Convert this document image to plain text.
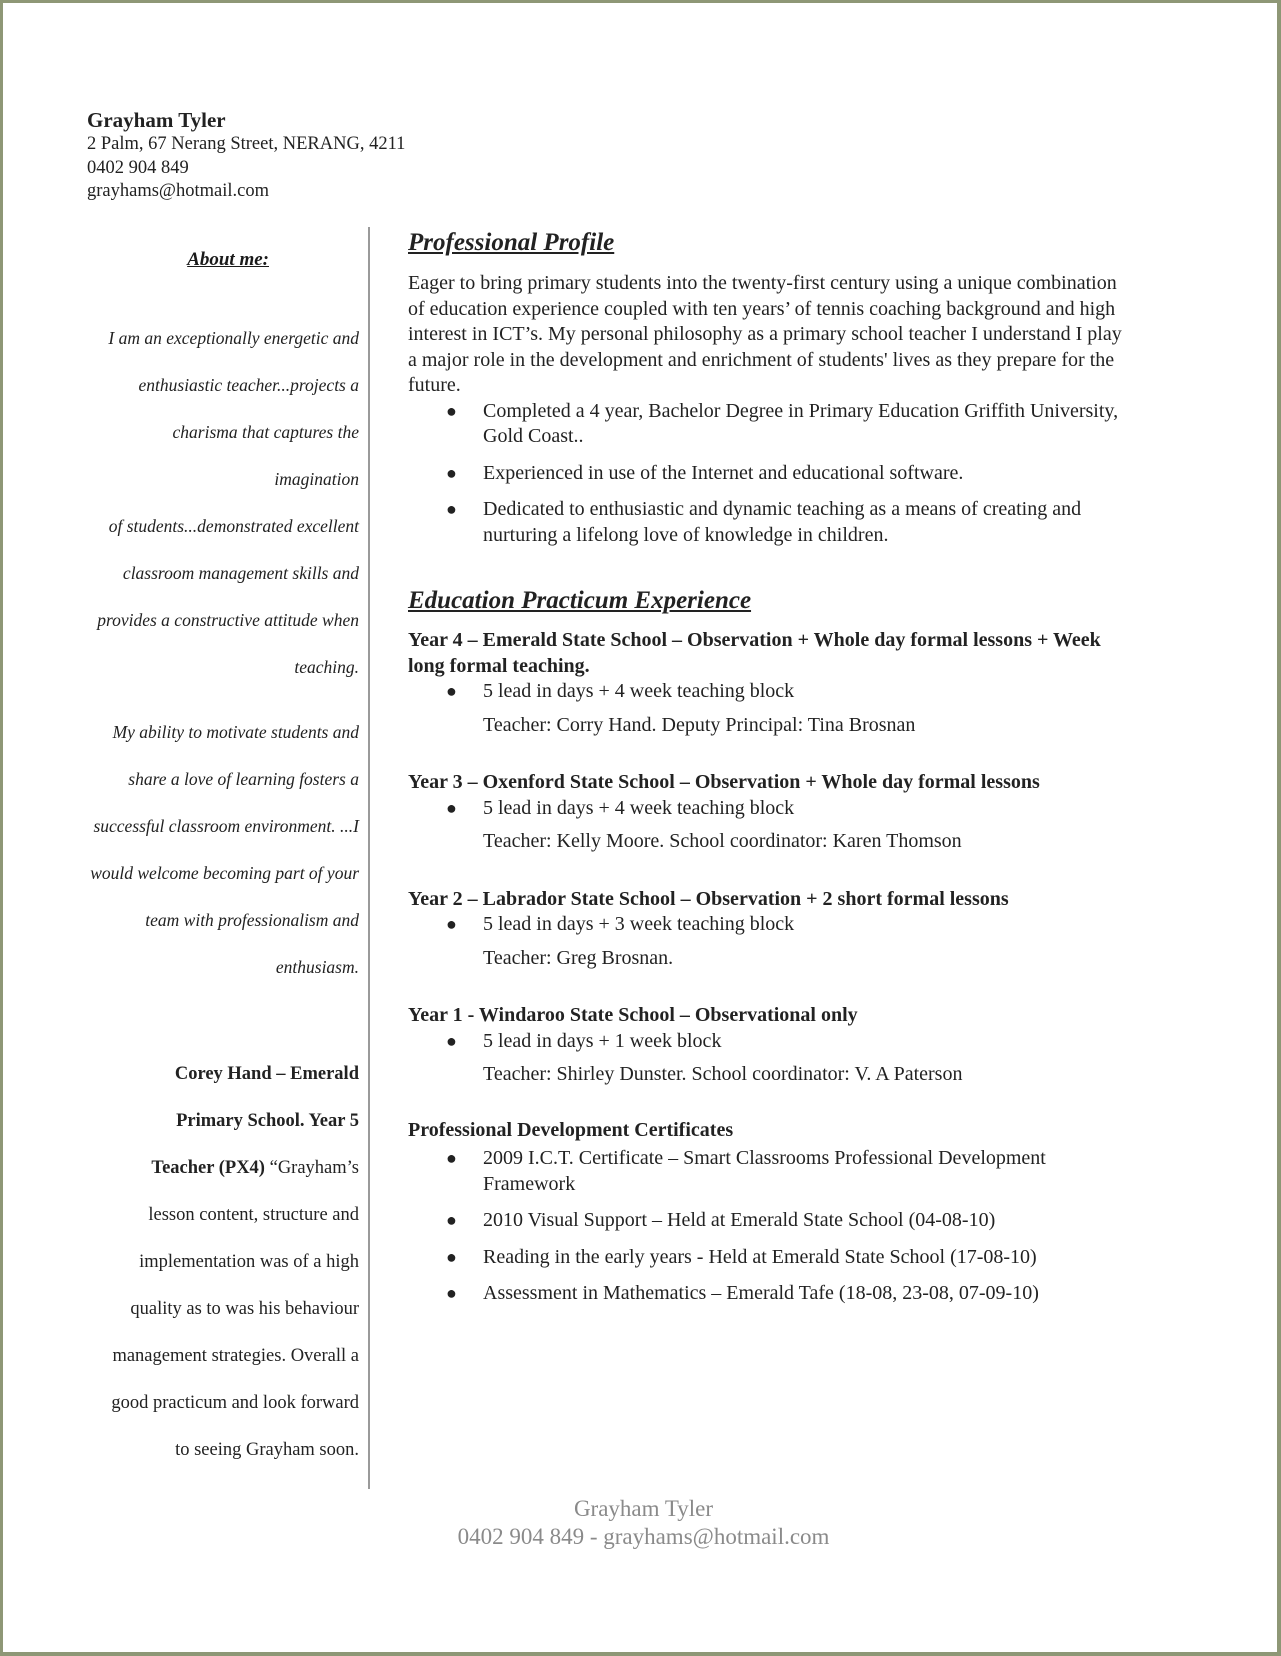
Grayham Tyler
2 Palm, 67 Nerang Street, NERANG, 4211
0402 904 849
grayhams@hotmail.com
About me:

I am an exceptionally energetic and

enthusiastic teacher...projects a

charisma that captures the imagination

of students...demonstrated excellent

classroom management skills and

provides a constructive attitude when

teaching.

My ability to motivate students and

share a love of learning fosters a

successful classroom environment. ...I

would welcome becoming part of your

team with professionalism and

enthusiasm.

Corey Hand – Emerald
Primary School. Year 5
Teacher (PX4) “Grayham’s
lesson content, structure and
implementation was of a high
quality as to was his behaviour
management strategies. Overall a
good practicum and look forward
to seeing Grayham soon.
Professional Profile

Eager to bring primary students into the twenty-first century using a unique combination of education experience coupled with ten years’ of tennis coaching background and high interest in ICT’s. My personal philosophy as a primary school teacher I understand I play a major role in the development and enrichment of students' lives as they prepare for the future.

● Completed a 4 year, Bachelor Degree in Primary Education Griffith University, Gold Coast..
● Experienced in use of the Internet and educational software.
● Dedicated to enthusiastic and dynamic teaching as a means of creating and nurturing a lifelong love of knowledge in children.
Education Practicum Experience
Year 4 – Emerald State School – Observation + Whole day formal lessons + Week long formal teaching.
● 5 lead in days + 4 week teaching block
Teacher: Corry Hand. Deputy Principal: Tina Brosnan
Year 3 – Oxenford State School – Observation + Whole day formal lessons
● 5 lead in days + 4 week teaching block
Teacher: Kelly Moore. School coordinator: Karen Thomson
Year 2 – Labrador State School – Observation + 2 short formal lessons
● 5 lead in days + 3 week teaching block
Teacher: Greg Brosnan.
Year 1 - Windaroo State School – Observational only
● 5 lead in days + 1 week block
Teacher: Shirley Dunster. School coordinator: V. A Paterson
Professional Development Certificates
● 2009 I.C.T. Certificate – Smart Classrooms Professional Development Framework
● 2010 Visual Support – Held at Emerald State School (04-08-10)
● Reading in the early years - Held at Emerald State School (17-08-10)
● Assessment in Mathematics – Emerald Tafe (18-08, 23-08, 07-09-10)
Grayham Tyler
0402 904 849 - grayhams@hotmail.com
